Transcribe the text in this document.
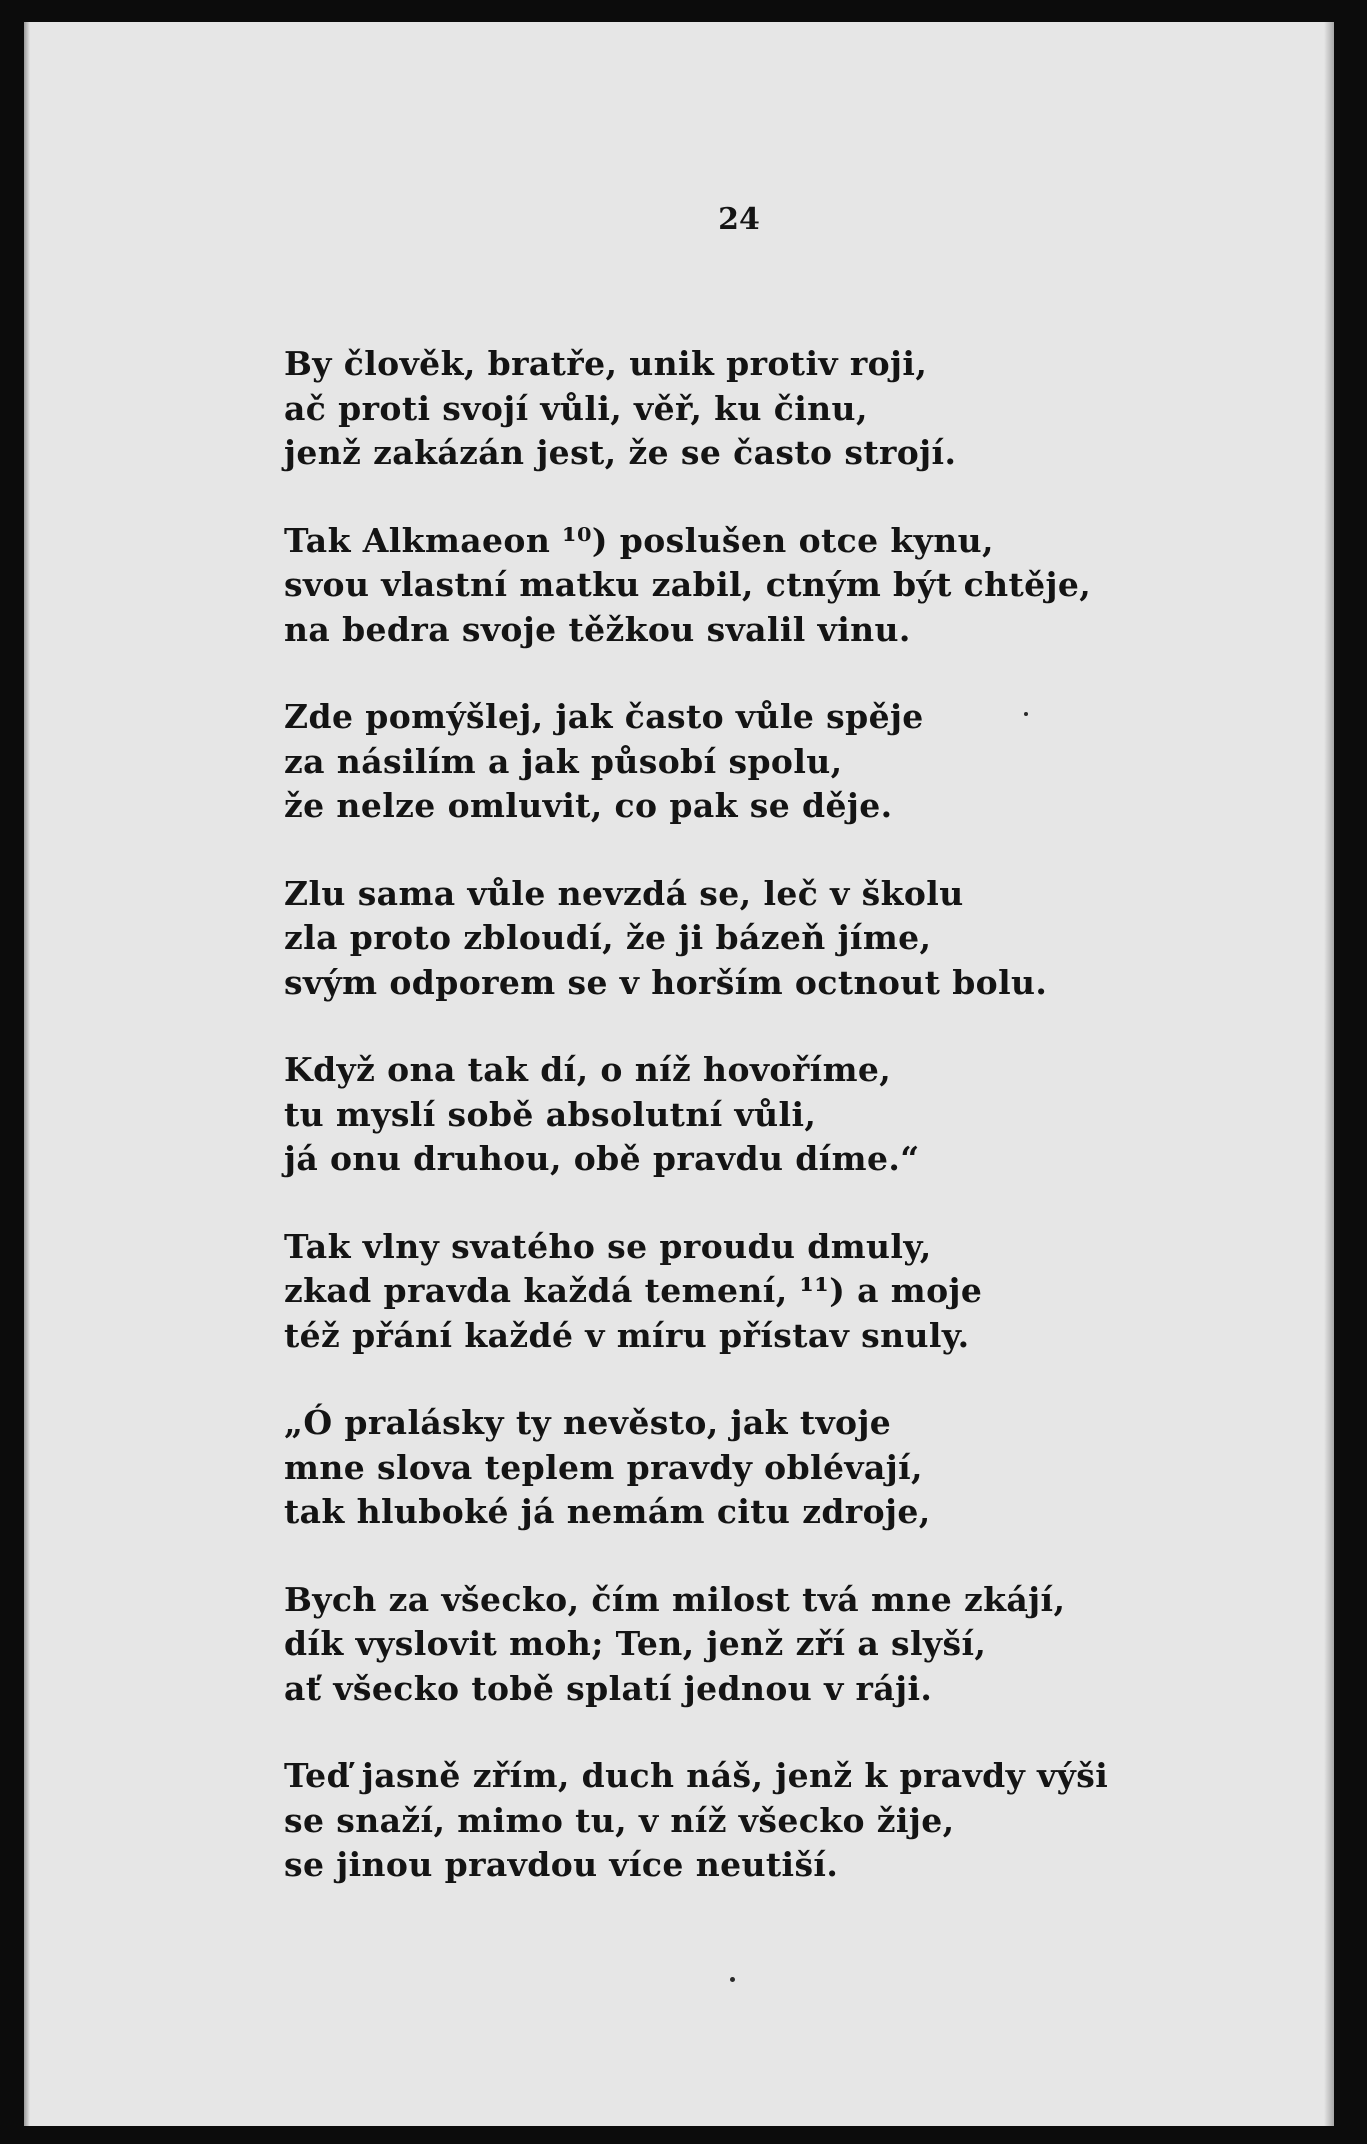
24
By člověk, bratře, unik protiv roji,
ač proti svojí vůli, věř, ku činu,
jenž zakázán jest, že se často strojí.
Tak Alkmaeon ¹⁰) poslušen otce kynu,
svou vlastní matku zabil, ctným být chtěje,
na bedra svoje těžkou svalil vinu.
Zde pomýšlej, jak často vůle spěje
za násilím a jak působí spolu,
že nelze omluvit, co pak se děje.
Zlu sama vůle nevzdá se, leč v školu
zla proto zbloudí, že ji bázeň jíme,
svým odporem se v horším octnout bolu.
Když ona tak dí, o níž hovoříme,
tu myslí sobě absolutní vůli,
já onu druhou, obě pravdu díme.“
Tak vlny svatého se proudu dmuly,
zkad pravda každá temení, ¹¹) a moje
též přání každé v míru přístav snuly.
„Ó pralásky ty nevěsto, jak tvoje
mne slova teplem pravdy oblévají,
tak hluboké já nemám citu zdroje,
Bych za všecko, čím milost tvá mne zkájí,
dík vyslovit moh; Ten, jenž zří a slyší,
ať všecko tobě splatí jednou v ráji.
Teď jasně zřím, duch náš, jenž k pravdy výši
se snaží, mimo tu, v níž všecko žije,
se jinou pravdou více neutiší.
